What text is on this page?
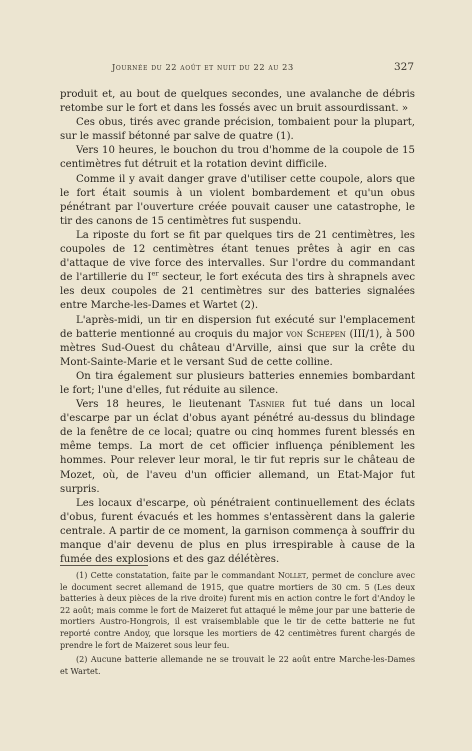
Journée du 22 août et nuit du 22 au 23	327

produit et, au bout de quelques secondes, une avalanche de débris retombe sur le fort et dans les fossés avec un bruit assourdissant. »

Ces obus, tirés avec grande précision, tombaient pour la plupart, sur le massif bétonné par salve de quatre (1).

Vers 10 heures, le bouchon du trou d'homme de la coupole de 15 centimètres fut détruit et la rotation devint difficile.

Comme il y avait danger grave d'utiliser cette coupole, alors que le fort était soumis à un violent bombardement et qu'un obus pénétrant par l'ouverture créée pouvait causer une catastrophe, le tir des canons de 15 centimètres fut suspendu.

La riposte du fort se fit par quelques tirs de 21 centimètres, les coupoles de 12 centimètres étant tenues prêtes à agir en cas d'attaque de vive force des intervalles. Sur l'ordre du commandant de l'artillerie du Ier secteur, le fort exécuta des tirs à shrapnels avec les deux coupoles de 21 centimètres sur des batteries signalées entre Marche-les-Dames et Wartet (2).

L'après-midi, un tir en dispersion fut exécuté sur l'emplacement de batterie mentionné au croquis du major von Schepen (III/1), à 500 mètres Sud-Ouest du château d'Arville, ainsi que sur la crête du Mont-Sainte-Marie et le versant Sud de cette colline.

On tira également sur plusieurs batteries ennemies bombardant le fort; l'une d'elles, fut réduite au silence.

Vers 18 heures, le lieutenant Tasnier fut tué dans un local d'escarpe par un éclat d'obus ayant pénétré au-dessus du blindage de la fenêtre de ce local; quatre ou cinq hommes furent blessés en même temps. La mort de cet officier influença péniblement les hommes. Pour relever leur moral, le tir fut repris sur le château de Mozet, où, de l'aveu d'un officier allemand, un Etat-Major fut surpris.

Les locaux d'escarpe, où pénétraient continuellement des éclats d'obus, furent évacués et les hommes s'entassèrent dans la galerie centrale. A partir de ce moment, la garnison commença à souffrir du manque d'air devenu de plus en plus irrespirable à cause de la fumée des explosions et des gaz délétères.

(1) Cette constatation, faite par le commandant Nollet, permet de conclure avec le document secret allemand de 1915, que quatre mortiers de 30 cm. 5 (Les deux batteries à deux pièces de la rive droite) furent mis en action contre le fort d'Andoy le 22 août; mais comme le fort de Maizeret fut attaqué le même jour par une batterie de mortiers Austro-Hongrois, il est vraisemblable que le tir de cette batterie ne fut reporté contre Andoy, que lorsque les mortiers de 42 centimètres furent chargés de prendre le fort de Maizeret sous leur feu.

(2) Aucune batterie allemande ne se trouvait le 22 août entre Marche-les-Dames et Wartet.
